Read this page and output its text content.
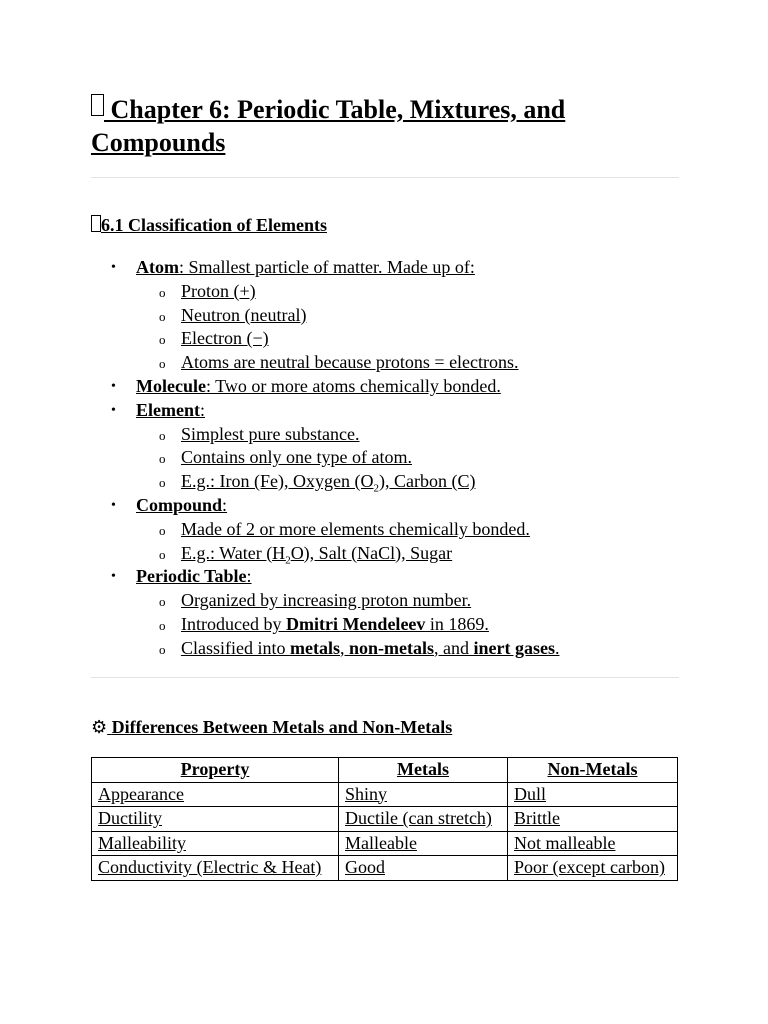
Chapter 6: Periodic Table, Mixtures, and Compounds
6.1 Classification of Elements
• Atom: Smallest particle of matter. Made up of:
o Proton (+)
o Neutron (neutral)
o Electron (−)
o Atoms are neutral because protons = electrons.
• Molecule: Two or more atoms chemically bonded.
• Element:
o Simplest pure substance.
o Contains only one type of atom.
o E.g.: Iron (Fe), Oxygen $(O_2)$, Carbon (C)
• Compound:
o Made of 2 or more elements chemically bonded.
o E.g.: Water $(H_2O)$, Salt (NaCl), Sugar
• Periodic Table:
o Organized by increasing proton number.
o Introduced by Dmitri Mendeleev in 1869.
o Classified into metals, non-metals, and inert gases.
⚙ Differences Between Metals and Non-Metals
Property	Metals	Non-Metals
Appearance	Shiny	Dull
Ductility	Ductile (can stretch)	Brittle
Malleability	Malleable	Not malleable
Conductivity (Electric & Heat)	Good	Poor (except carbon)
